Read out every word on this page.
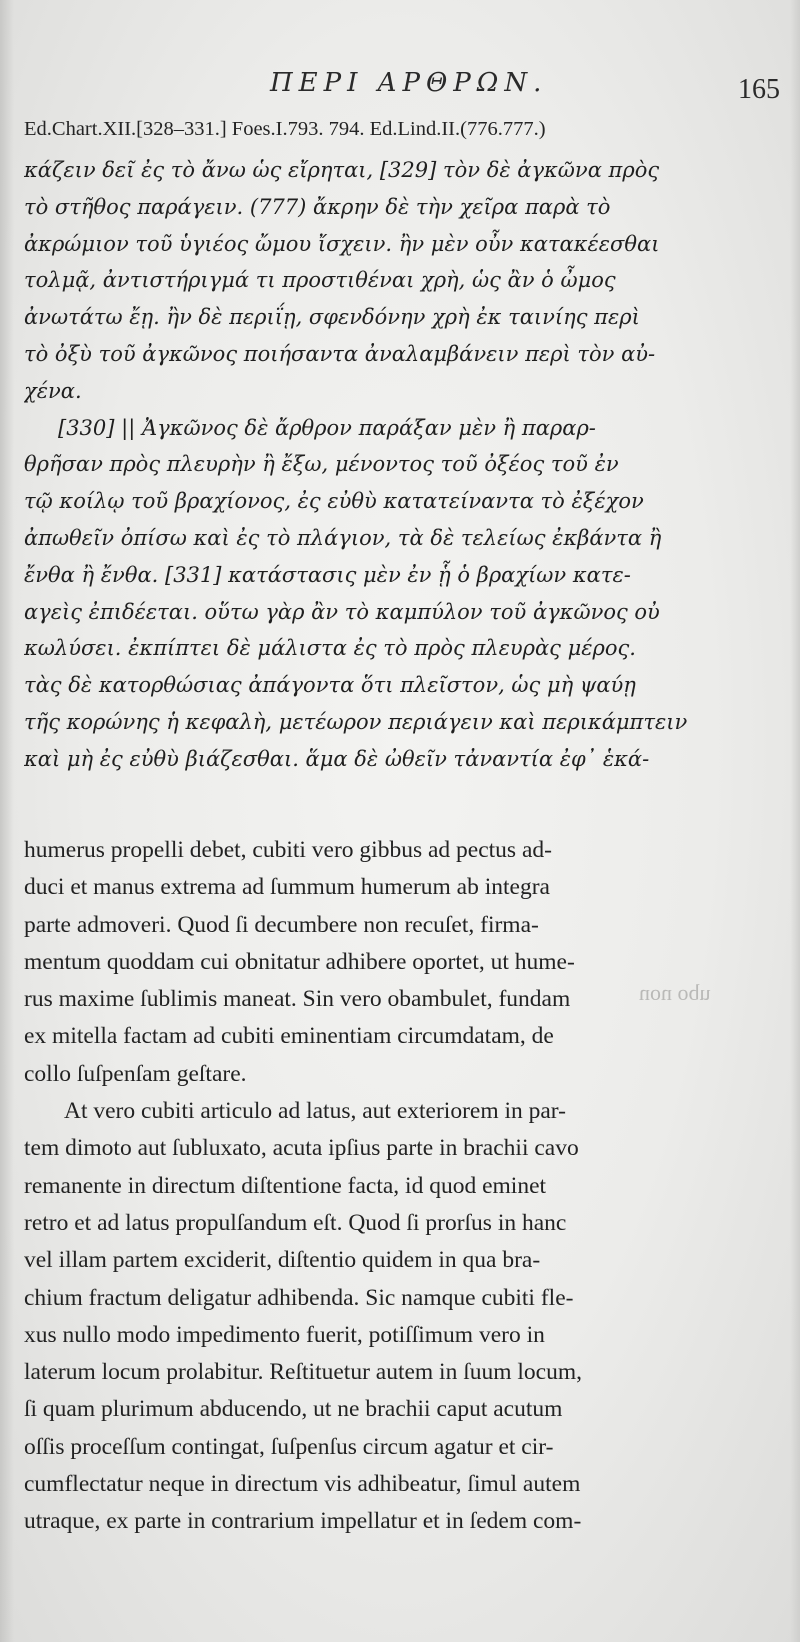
ΠΕΡΙ ΑΡΘΡΩΝ.	165
Ed.Chart.XII.[328–331.] Foes.I.793. 794. Ed.Lind.II.(776.777.)
κάζειν δεῖ ἐς τὸ ἄνω ὡς εἴρηται, [329] τὸν δὲ ἀγκῶνα πρὸς
τὸ στῆθος παράγειν. (777) ἄκρην δὲ τὴν χεῖρα παρὰ τὸ
ἀκρώμιον τοῦ ὑγιέος ὤμου ἴσχειν. ἢν μὲν οὖν κατακέεσθαι
τολμᾷ, ἀντιστήριγμά τι προστιθέναι χρὴ, ὡς ἂν ὁ ὦμος
ἀνωτάτω ἔῃ. ἢν δὲ περιΐῃ, σφενδόνην χρὴ ἐκ ταινίης περὶ
τὸ ὀξὺ τοῦ ἀγκῶνος ποιήσαντα ἀναλαμβάνειν περὶ τὸν αὐ-
χένα.
[330] || Ἀγκῶνος δὲ ἄρθρον παράξαν μὲν ἢ παραρ-
θρῆσαν πρὸς πλευρὴν ἢ ἔξω, μένοντος τοῦ ὀξέος τοῦ ἐν
τῷ κοίλῳ τοῦ βραχίονος, ἐς εὐθὺ κατατείναντα τὸ ἐξέχον
ἀπωθεῖν ὀπίσω καὶ ἐς τὸ πλάγιον, τὰ δὲ τελείως ἐκβάντα ἢ
ἔνθα ἢ ἔνθα. [331] κατάστασις μὲν ἐν ᾗ ὁ βραχίων κατε-
αγεὶς ἐπιδέεται. οὕτω γὰρ ἂν τὸ καμπύλον τοῦ ἀγκῶνος οὐ
κωλύσει. ἐκπίπτει δὲ μάλιστα ἐς τὸ πρὸς πλευρὰς μέρος.
τὰς δὲ κατορθώσιας ἀπάγοντα ὅτι πλεῖστον, ὡς μὴ ψαύῃ
τῆς κορώνης ἡ κεφαλὴ, μετέωρον περιάγειν καὶ περικάμπτειν
καὶ μὴ ἐς εὐθὺ βιάζεσθαι. ἅμα δὲ ὠθεῖν τἀναντία ἐφ᾽ ἑκά-
humerus propelli debet, cubiti vero gibbus ad pectus ad-
duci et manus extrema ad ſummum humerum ab integra
parte admoveri. Quod ſi decumbere non recuſet, firma-
mentum quoddam cui obnitatur adhibere oportet, ut hume-
rus maxime ſublimis maneat. Sin vero obambulet, fundam
ex mitella factam ad cubiti eminentiam circumdatam, de
collo ſuſpenſam geſtare.
At vero cubiti articulo ad latus, aut exteriorem in par-
tem dimoto aut ſubluxato, acuta ipſius parte in brachii cavo
remanente in directum diſtentione facta, id quod eminet
retro et ad latus propulſandum eſt. Quod ſi prorſus in hanc
vel illam partem exciderit, diſtentio quidem in qua bra-
chium fractum deligatur adhibenda. Sic namque cubiti fle-
xus nullo modo impedimento fuerit, potiſſimum vero in
laterum locum prolabitur. Reſtituetur autem in ſuum locum,
ſi quam plurimum abducendo, ut ne brachii caput acutum
oſſis proceſſum contingat, ſuſpenſus circum agatur et cir-
cumflectatur neque in directum vis adhibeatur, ſimul autem
utraque, ex parte in contrarium impellatur et in ſedem com-
ubo non
